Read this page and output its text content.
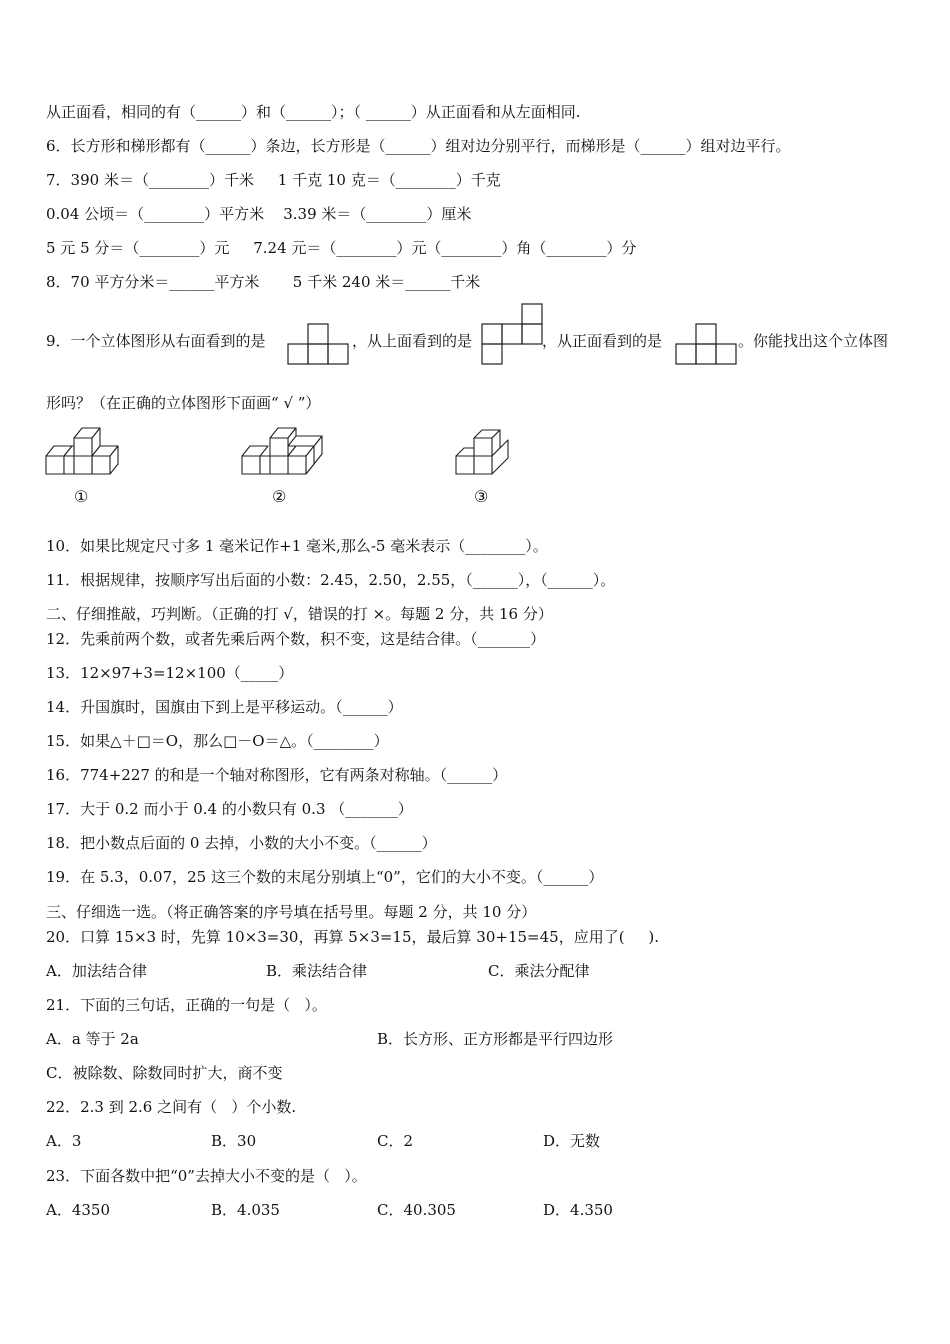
从正面看，相同的有（______）和（______）；（ ______）从正面看和从左面相同.
6．长方形和梯形都有（______）条边，长方形是（______）组对边分别平行，而梯形是（______）组对边平行。
7．390 米＝（________）千米     1 千克 10 克＝（________）千克
0.04 公顷＝（________）平方米    3.39 米＝（________）厘米
5 元 5 分＝（________）元     7.24 元＝（________）元（________）角（________）分
8．70 平方分米＝______平方米       5 千米 240 米＝______千米
9．一个立体图形从右面看到的是	，从上面看到的是	，从正面看到的是	。你能找出这个立体图
形吗？（在正确的立体图形下面画“ √ ”）
①	②	③
10．如果比规定尺寸多 1 毫米记作+1 毫米,那么-5 毫米表示（________）。
11．根据规律，按顺序写出后面的小数：2.45，2.50，2.55，（______），（______）。
二、仔细推敲，巧判断。（正确的打 √，错误的打 ×。每题 2 分，共 16 分）
12．先乘前两个数，或者先乘后两个数，积不变，这是结合律。（_______）
13．12×97+3=12×100（_____）
14．升国旗时，国旗由下到上是平移运动。（______）
15．如果△＋□＝O，那么□－O＝△。（________）
16．774+227 的和是一个轴对称图形，它有两条对称轴。（______）
17．大于 0.2 而小于 0.4 的小数只有 0.3 （_______）
18．把小数点后面的 0 去掉，小数的大小不变。（______）
19．在 5.3，0.07，25 这三个数的末尾分别填上“0”，它们的大小不变。（______）
三、仔细选一选。（将正确答案的序号填在括号里。每题 2 分，共 10 分）
20．口算 15×3 时，先算 10×3=30，再算 5×3=15，最后算 30+15=45，应用了(     ).
A．加法结合律	B．乘法结合律	C．乘法分配律
21．下面的三句话，正确的一句是（   ）。
A．a 等于 2a	B．长方形、正方形都是平行四边形
C．被除数、除数同时扩大，商不变
22．2.3 到 2.6 之间有（   ）个小数.
A．3	B．30	C．2	D．无数
23．下面各数中把“0”去掉大小不变的是（   ）。
A．4350	B．4.035	C．40.305	D．4.350
